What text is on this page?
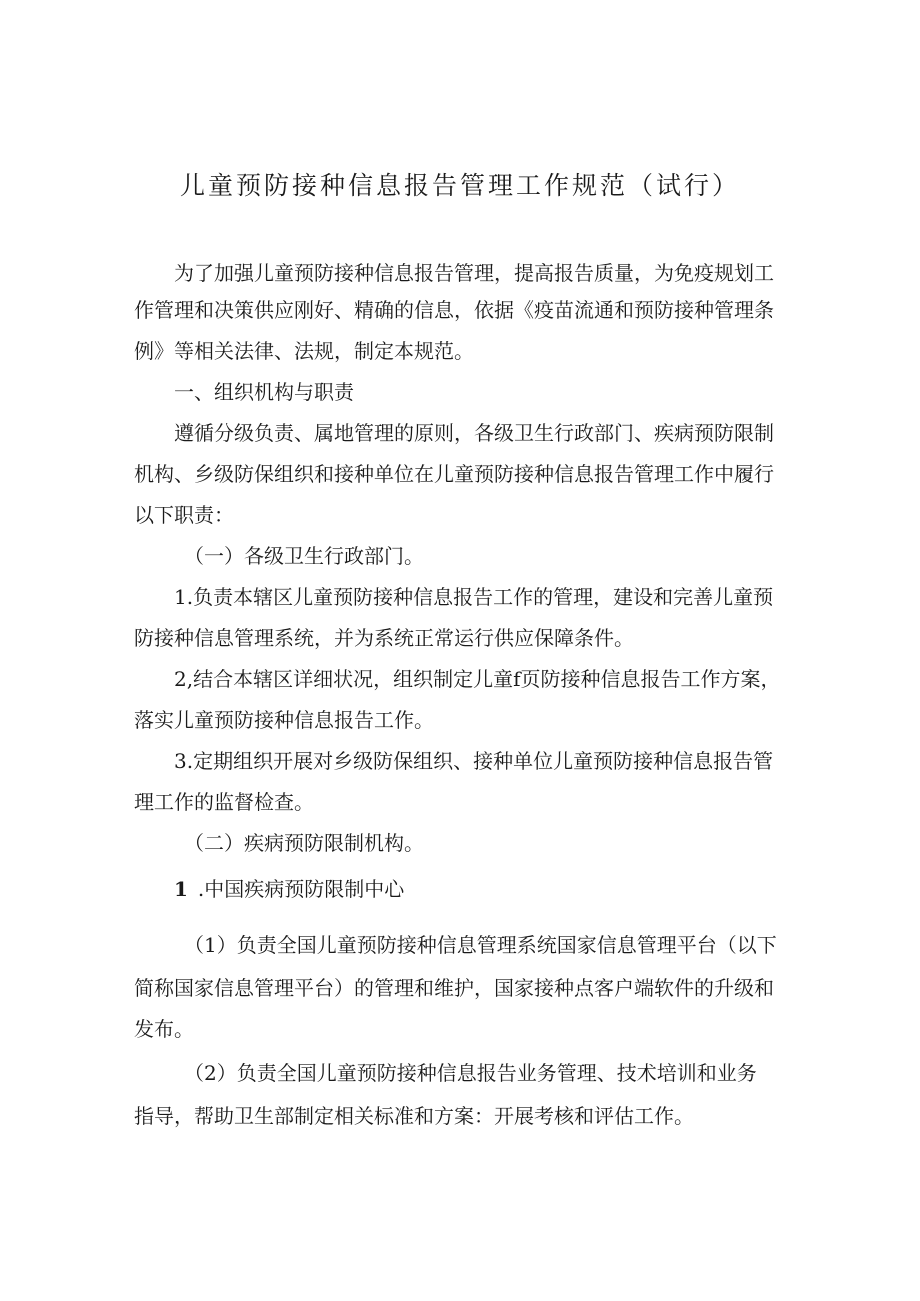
儿童预防接种信息报告管理工作规范（试行）
为了加强儿童预防接种信息报告管理，提高报告质量，为免疫规划工
作管理和决策供应刚好、精确的信息，依据《疫苗流通和预防接种管理条
例》等相关法律、法规，制定本规范。
一、组织机构与职责
遵循分级负责、属地管理的原则，各级卫生行政部门、疾病预防限制
机构、乡级防保组织和接种单位在儿童预防接种信息报告管理工作中履行
以下职责：
（一）各级卫生行政部门。
1.负责本辖区儿童预防接种信息报告工作的管理，建设和完善儿童预
防接种信息管理系统，并为系统正常运行供应保障条件。
2,结合本辖区详细状况，组织制定儿童f页防接种信息报告工作方案，
落实儿童预防接种信息报告工作。
3.定期组织开展对乡级防保组织、接种单位儿童预防接种信息报告管
理工作的监督检查。
（二）疾病预防限制机构。
1 .中国疾病预防限制中心
（1）负责全国儿童预防接种信息管理系统国家信息管理平台（以下
简称国家信息管理平台）的管理和维护，国家接种点客户端软件的升级和
发布。
（2）负责全国儿童预防接种信息报告业务管理、技术培训和业务
指导，帮助卫生部制定相关标准和方案：开展考核和评估工作。
